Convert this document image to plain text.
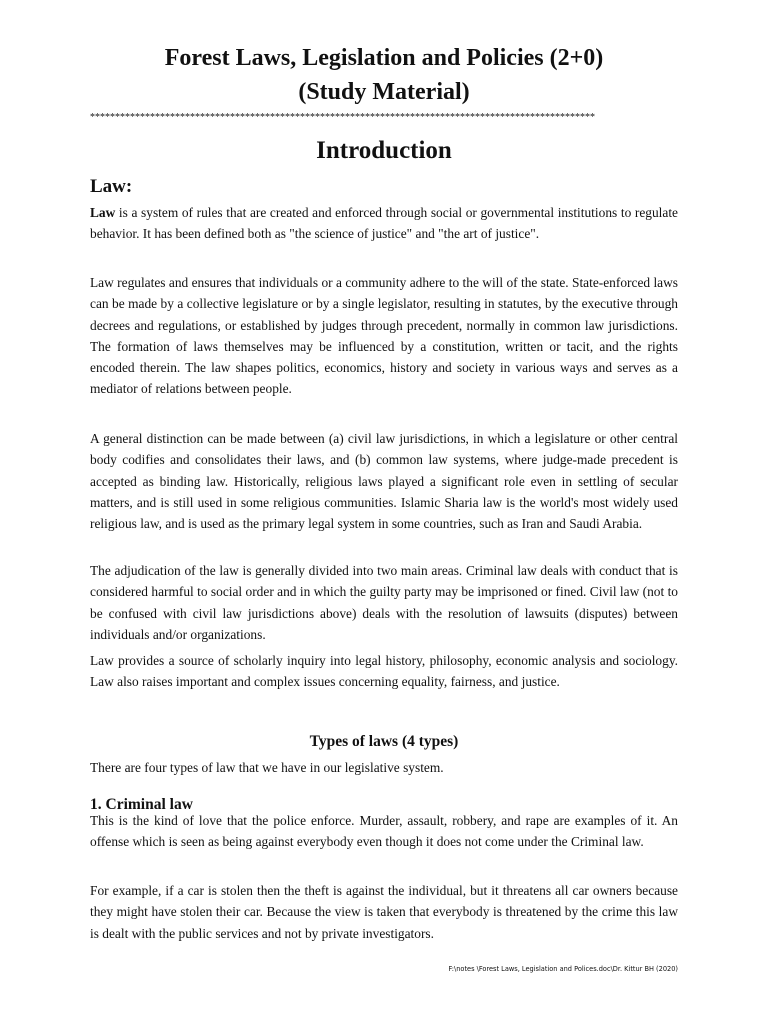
Forest Laws, Legislation and Policies (2+0)
(Study Material)
*****************************************************************************************************
Introduction
Law:

Law is a system of rules that are created and enforced through social or governmental institutions to regulate behavior. It has been defined both as "the science of justice" and "the art of justice".

Law regulates and ensures that individuals or a community adhere to the will of the state. State-enforced laws can be made by a collective legislature or by a single legislator, resulting in statutes, by the executive through decrees and regulations, or established by judges through precedent, normally in common law jurisdictions. The formation of laws themselves may be influenced by a constitution, written or tacit, and the rights encoded therein. The law shapes politics, economics, history and society in various ways and serves as a mediator of relations between people.

A general distinction can be made between (a) civil law jurisdictions, in which a legislature or other central body codifies and consolidates their laws, and (b) common law systems, where judge-made precedent is accepted as binding law. Historically, religious laws played a significant role even in settling of secular matters, and is still used in some religious communities. Islamic Sharia law is the world's most widely used religious law, and is used as the primary legal system in some countries, such as Iran and Saudi Arabia.

The adjudication of the law is generally divided into two main areas. Criminal law deals with conduct that is considered harmful to social order and in which the guilty party may be imprisoned or fined. Civil law (not to be confused with civil law jurisdictions above) deals with the resolution of lawsuits (disputes) between individuals and/or organizations.

Law provides a source of scholarly inquiry into legal history, philosophy, economic analysis and sociology. Law also raises important and complex issues concerning equality, fairness, and justice.

Types of laws (4 types)

There are four types of law that we have in our legislative system.

1. Criminal law

This is the kind of love that the police enforce. Murder, assault, robbery, and rape are examples of it. An offense which is seen as being against everybody even though it does not come under the Criminal law.

For example, if a car is stolen then the theft is against the individual, but it threatens all car owners because they might have stolen their car. Because the view is taken that everybody is threatened by the crime this law is dealt with the public services and not by private investigators.

F:\notes \Forest Laws, Legislation and Polices.doc\Dr. Kittur BH (2020)
